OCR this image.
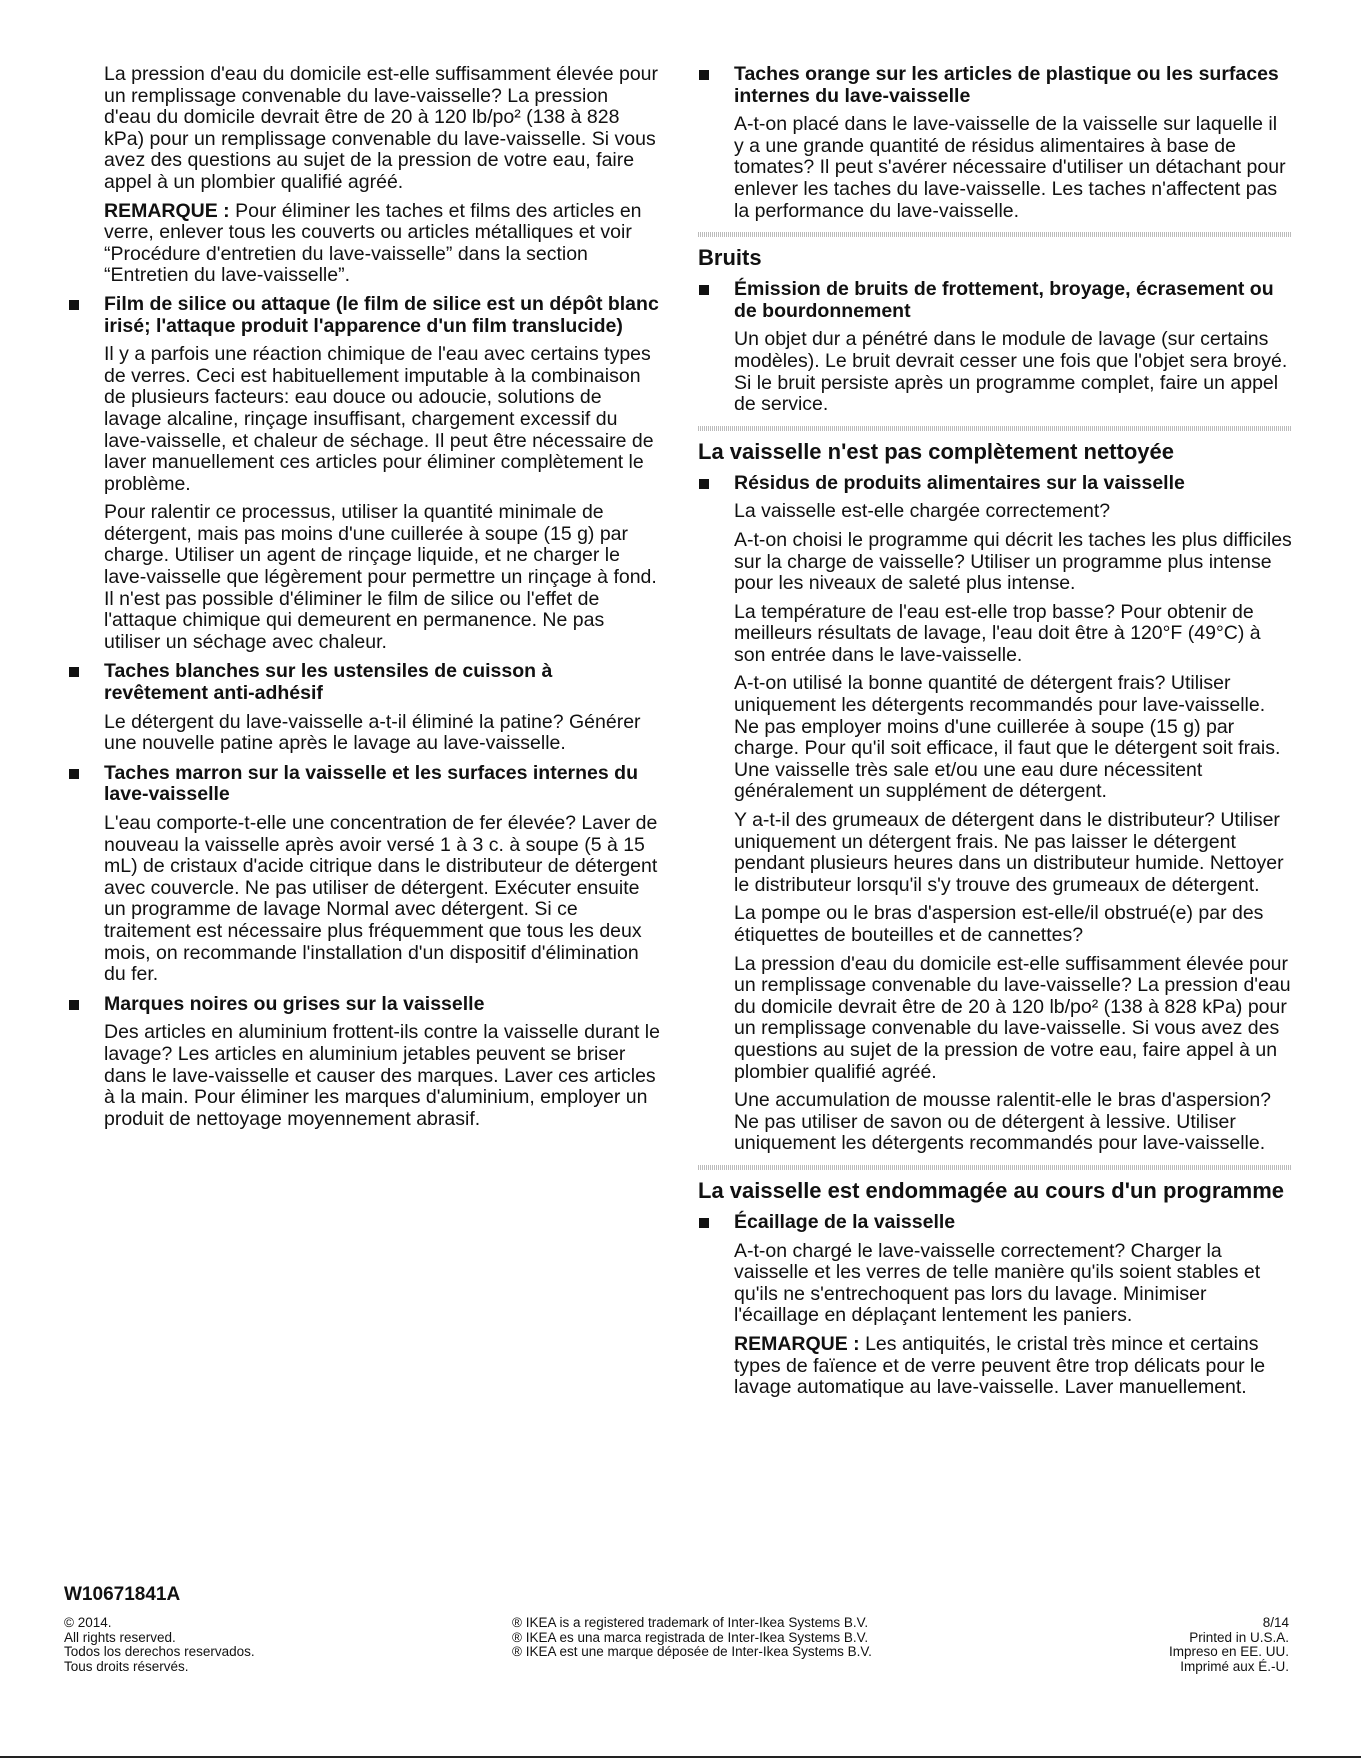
La pression d'eau du domicile est-elle suffisamment élevée pour un remplissage convenable du lave-vaisselle? La pression d'eau du domicile devrait être de 20 à 120 lb/po² (138 à 828 kPa) pour un remplissage convenable du lave-vaisselle. Si vous avez des questions au sujet de la pression de votre eau, faire appel à un plombier qualifié agréé.

REMARQUE : Pour éliminer les taches et films des articles en verre, enlever tous les couverts ou articles métalliques et voir “Procédure d'entretien du lave-vaisselle” dans la section “Entretien du lave-vaisselle”.

Film de silice ou attaque (le film de silice est un dépôt blanc irisé; l'attaque produit l'apparence d'un film translucide)

Il y a parfois une réaction chimique de l'eau avec certains types de verres. Ceci est habituellement imputable à la combinaison de plusieurs facteurs: eau douce ou adoucie, solutions de lavage alcaline, rinçage insuffisant, chargement excessif du lave-vaisselle, et chaleur de séchage. Il peut être nécessaire de laver manuellement ces articles pour éliminer complètement le problème.

Pour ralentir ce processus, utiliser la quantité minimale de détergent, mais pas moins d'une cuillerée à soupe (15 g) par charge. Utiliser un agent de rinçage liquide, et ne charger le lave-vaisselle que légèrement pour permettre un rinçage à fond. Il n'est pas possible d'éliminer le film de silice ou l'effet de l'attaque chimique qui demeurent en permanence. Ne pas utiliser un séchage avec chaleur.

Taches blanches sur les ustensiles de cuisson à revêtement anti-adhésif

Le détergent du lave-vaisselle a-t-il éliminé la patine? Générer une nouvelle patine après le lavage au lave-vaisselle.

Taches marron sur la vaisselle et les surfaces internes du lave-vaisselle

L'eau comporte-t-elle une concentration de fer élevée? Laver de nouveau la vaisselle après avoir versé 1 à 3 c. à soupe (5 à 15 mL) de cristaux d'acide citrique dans le distributeur de détergent avec couvercle. Ne pas utiliser de détergent. Exécuter ensuite un programme de lavage Normal avec détergent. Si ce traitement est nécessaire plus fréquemment que tous les deux mois, on recommande l'installation d'un dispositif d'élimination du fer.

Marques noires ou grises sur la vaisselle

Des articles en aluminium frottent-ils contre la vaisselle durant le lavage? Les articles en aluminium jetables peuvent se briser dans le lave-vaisselle et causer des marques. Laver ces articles à la main. Pour éliminer les marques d'aluminium, employer un produit de nettoyage moyennement abrasif.

Taches orange sur les articles de plastique ou les surfaces internes du lave-vaisselle

A-t-on placé dans le lave-vaisselle de la vaisselle sur laquelle il y a une grande quantité de résidus alimentaires à base de tomates? Il peut s'avérer nécessaire d'utiliser un détachant pour enlever les taches du lave-vaisselle. Les taches n'affectent pas la performance du lave-vaisselle.

Bruits
Émission de bruits de frottement, broyage, écrasement ou de bourdonnement

Un objet dur a pénétré dans le module de lavage (sur certains modèles). Le bruit devrait cesser une fois que l'objet sera broyé. Si le bruit persiste après un programme complet, faire un appel de service.

La vaisselle n'est pas complètement nettoyée
Résidus de produits alimentaires sur la vaisselle

La vaisselle est-elle chargée correctement?

A-t-on choisi le programme qui décrit les taches les plus difficiles sur la charge de vaisselle? Utiliser un programme plus intense pour les niveaux de saleté plus intense.

La température de l'eau est-elle trop basse? Pour obtenir de meilleurs résultats de lavage, l'eau doit être à 120°F (49°C) à son entrée dans le lave-vaisselle.

A-t-on utilisé la bonne quantité de détergent frais? Utiliser uniquement les détergents recommandés pour lave-vaisselle. Ne pas employer moins d'une cuillerée à soupe (15 g) par charge. Pour qu'il soit efficace, il faut que le détergent soit frais. Une vaisselle très sale et/ou une eau dure nécessitent généralement un supplément de détergent.

Y a-t-il des grumeaux de détergent dans le distributeur? Utiliser uniquement un détergent frais. Ne pas laisser le détergent pendant plusieurs heures dans un distributeur humide. Nettoyer le distributeur lorsqu'il s'y trouve des grumeaux de détergent.

La pompe ou le bras d'aspersion est-elle/il obstrué(e) par des étiquettes de bouteilles et de cannettes?

La pression d'eau du domicile est-elle suffisamment élevée pour un remplissage convenable du lave-vaisselle? La pression d'eau du domicile devrait être de 20 à 120 lb/po² (138 à 828 kPa) pour un remplissage convenable du lave-vaisselle. Si vous avez des questions au sujet de la pression de votre eau, faire appel à un plombier qualifié agréé.

Une accumulation de mousse ralentit-elle le bras d'aspersion? Ne pas utiliser de savon ou de détergent à lessive. Utiliser uniquement les détergents recommandés pour lave-vaisselle.

La vaisselle est endommagée au cours d'un programme
Écaillage de la vaisselle

A-t-on chargé le lave-vaisselle correctement? Charger la vaisselle et les verres de telle manière qu'ils soient stables et qu'ils ne s'entrechoquent pas lors du lavage. Minimiser l'écaillage en déplaçant lentement les paniers.

REMARQUE : Les antiquités, le cristal très mince et certains types de faïence et de verre peuvent être trop délicats pour le lavage automatique au lave-vaisselle. Laver manuellement.

W10671841A
© 2014.
All rights reserved.
Todos los derechos reservados.
Tous droits réservés.
® IKEA is a registered trademark of Inter-Ikea Systems B.V.
® IKEA es una marca registrada de Inter-Ikea Systems B.V.
® IKEA est une marque déposée de Inter-Ikea Systems B.V.
8/14
Printed in U.S.A.
Impreso en EE. UU.
Imprimé aux É.-U.
